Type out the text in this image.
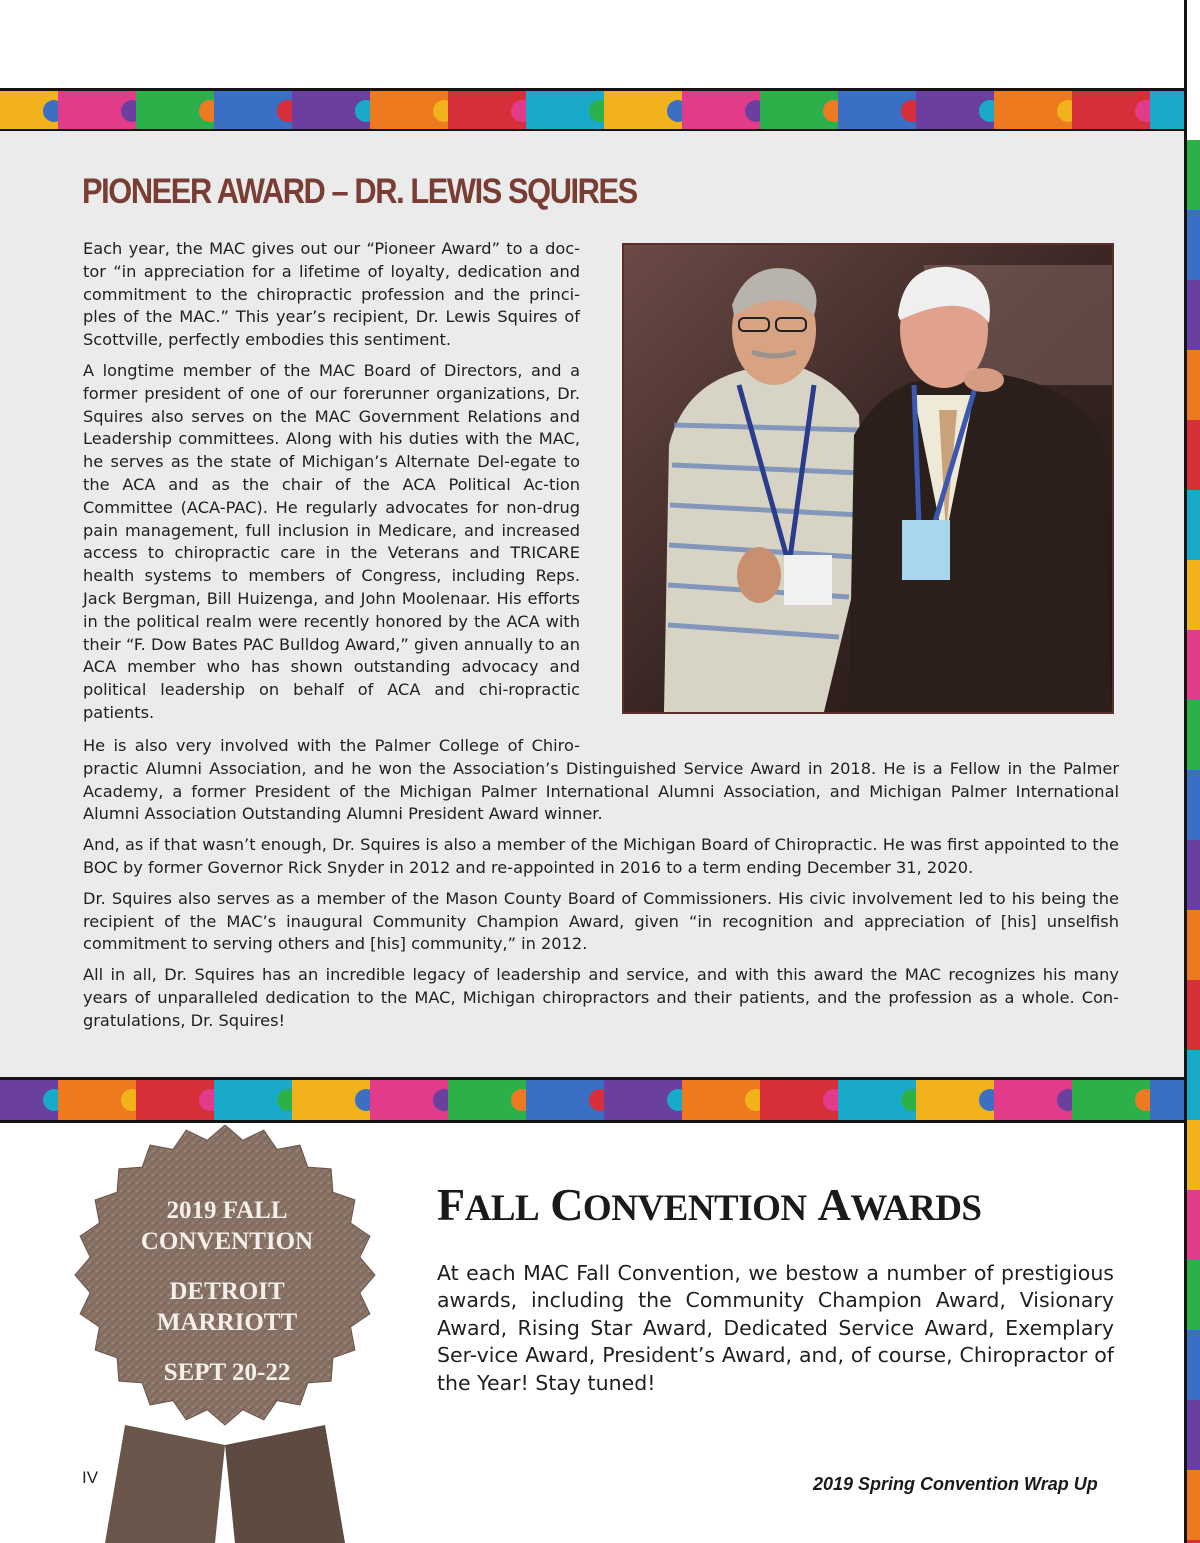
PIONEER AWARD – DR. LEWIS SQUIRES

Each year, the MAC gives out our “Pioneer Award” to a doc-tor “in appreciation for a lifetime of loyalty, dedication and commitment to the chiropractic profession and the princi-ples of the MAC.” This year’s recipient, Dr. Lewis Squires of Scottville, perfectly embodies this sentiment.

A longtime member of the MAC Board of Directors, and a former president of one of our forerunner organizations, Dr. Squires also serves on the MAC Government Relations and Leadership committees. Along with his duties with the MAC, he serves as the state of Michigan’s Alternate Del-egate to the ACA and as the chair of the ACA Political Ac-tion Committee (ACA-PAC). He regularly advocates for non-drug pain management, full inclusion in Medicare, and increased access to chiropractic care in the Veterans and TRICARE health systems to members of Congress, including Reps. Jack Bergman, Bill Huizenga, and John Moolenaar. His efforts in the political realm were recently honored by the ACA with their “F. Dow Bates PAC Bulldog Award,” given annually to an ACA member who has shown outstanding advocacy and political leadership on behalf of ACA and chi-ropractic patients.

He is also very involved with the Palmer College of Chiro-
practic Alumni Association, and he won the Association’s Distinguished Service Award in 2018. He is a Fellow in the Palmer Academy, a former President of the Michigan Palmer International Alumni Association, and Michigan Palmer International Alumni Association Outstanding Alumni President Award winner.

And, as if that wasn’t enough, Dr. Squires is also a member of the Michigan Board of Chiropractic. He was first appointed to the BOC by former Governor Rick Snyder in 2012 and re-appointed in 2016 to a term ending December 31, 2020.

Dr. Squires also serves as a member of the Mason County Board of Commissioners. His civic involvement led to his being the recipient of the MAC’s inaugural Community Champion Award, given “in recognition and appreciation of [his] unselfish commitment to serving others and [his] community,” in 2012.

All in all, Dr. Squires has an incredible legacy of leadership and service, and with this award the MAC recognizes his many years of unparalleled dedication to the MAC, Michigan chiropractors and their patients, and the profession as a whole. Con-gratulations, Dr. Squires!

2019 FALL
CONVENTION
DETROIT
MARRIOTT
SEPT 20-22
FALL CONVENTION AWARDS

At each MAC Fall Convention, we bestow a number of prestigious awards, including the Community Champion Award, Visionary Award, Rising Star Award, Dedicated Service Award, Exemplary Ser-vice Award, President’s Award, and, of course, Chiropractor of the Year! Stay tuned!

IV	2019 Spring Convention Wrap Up
